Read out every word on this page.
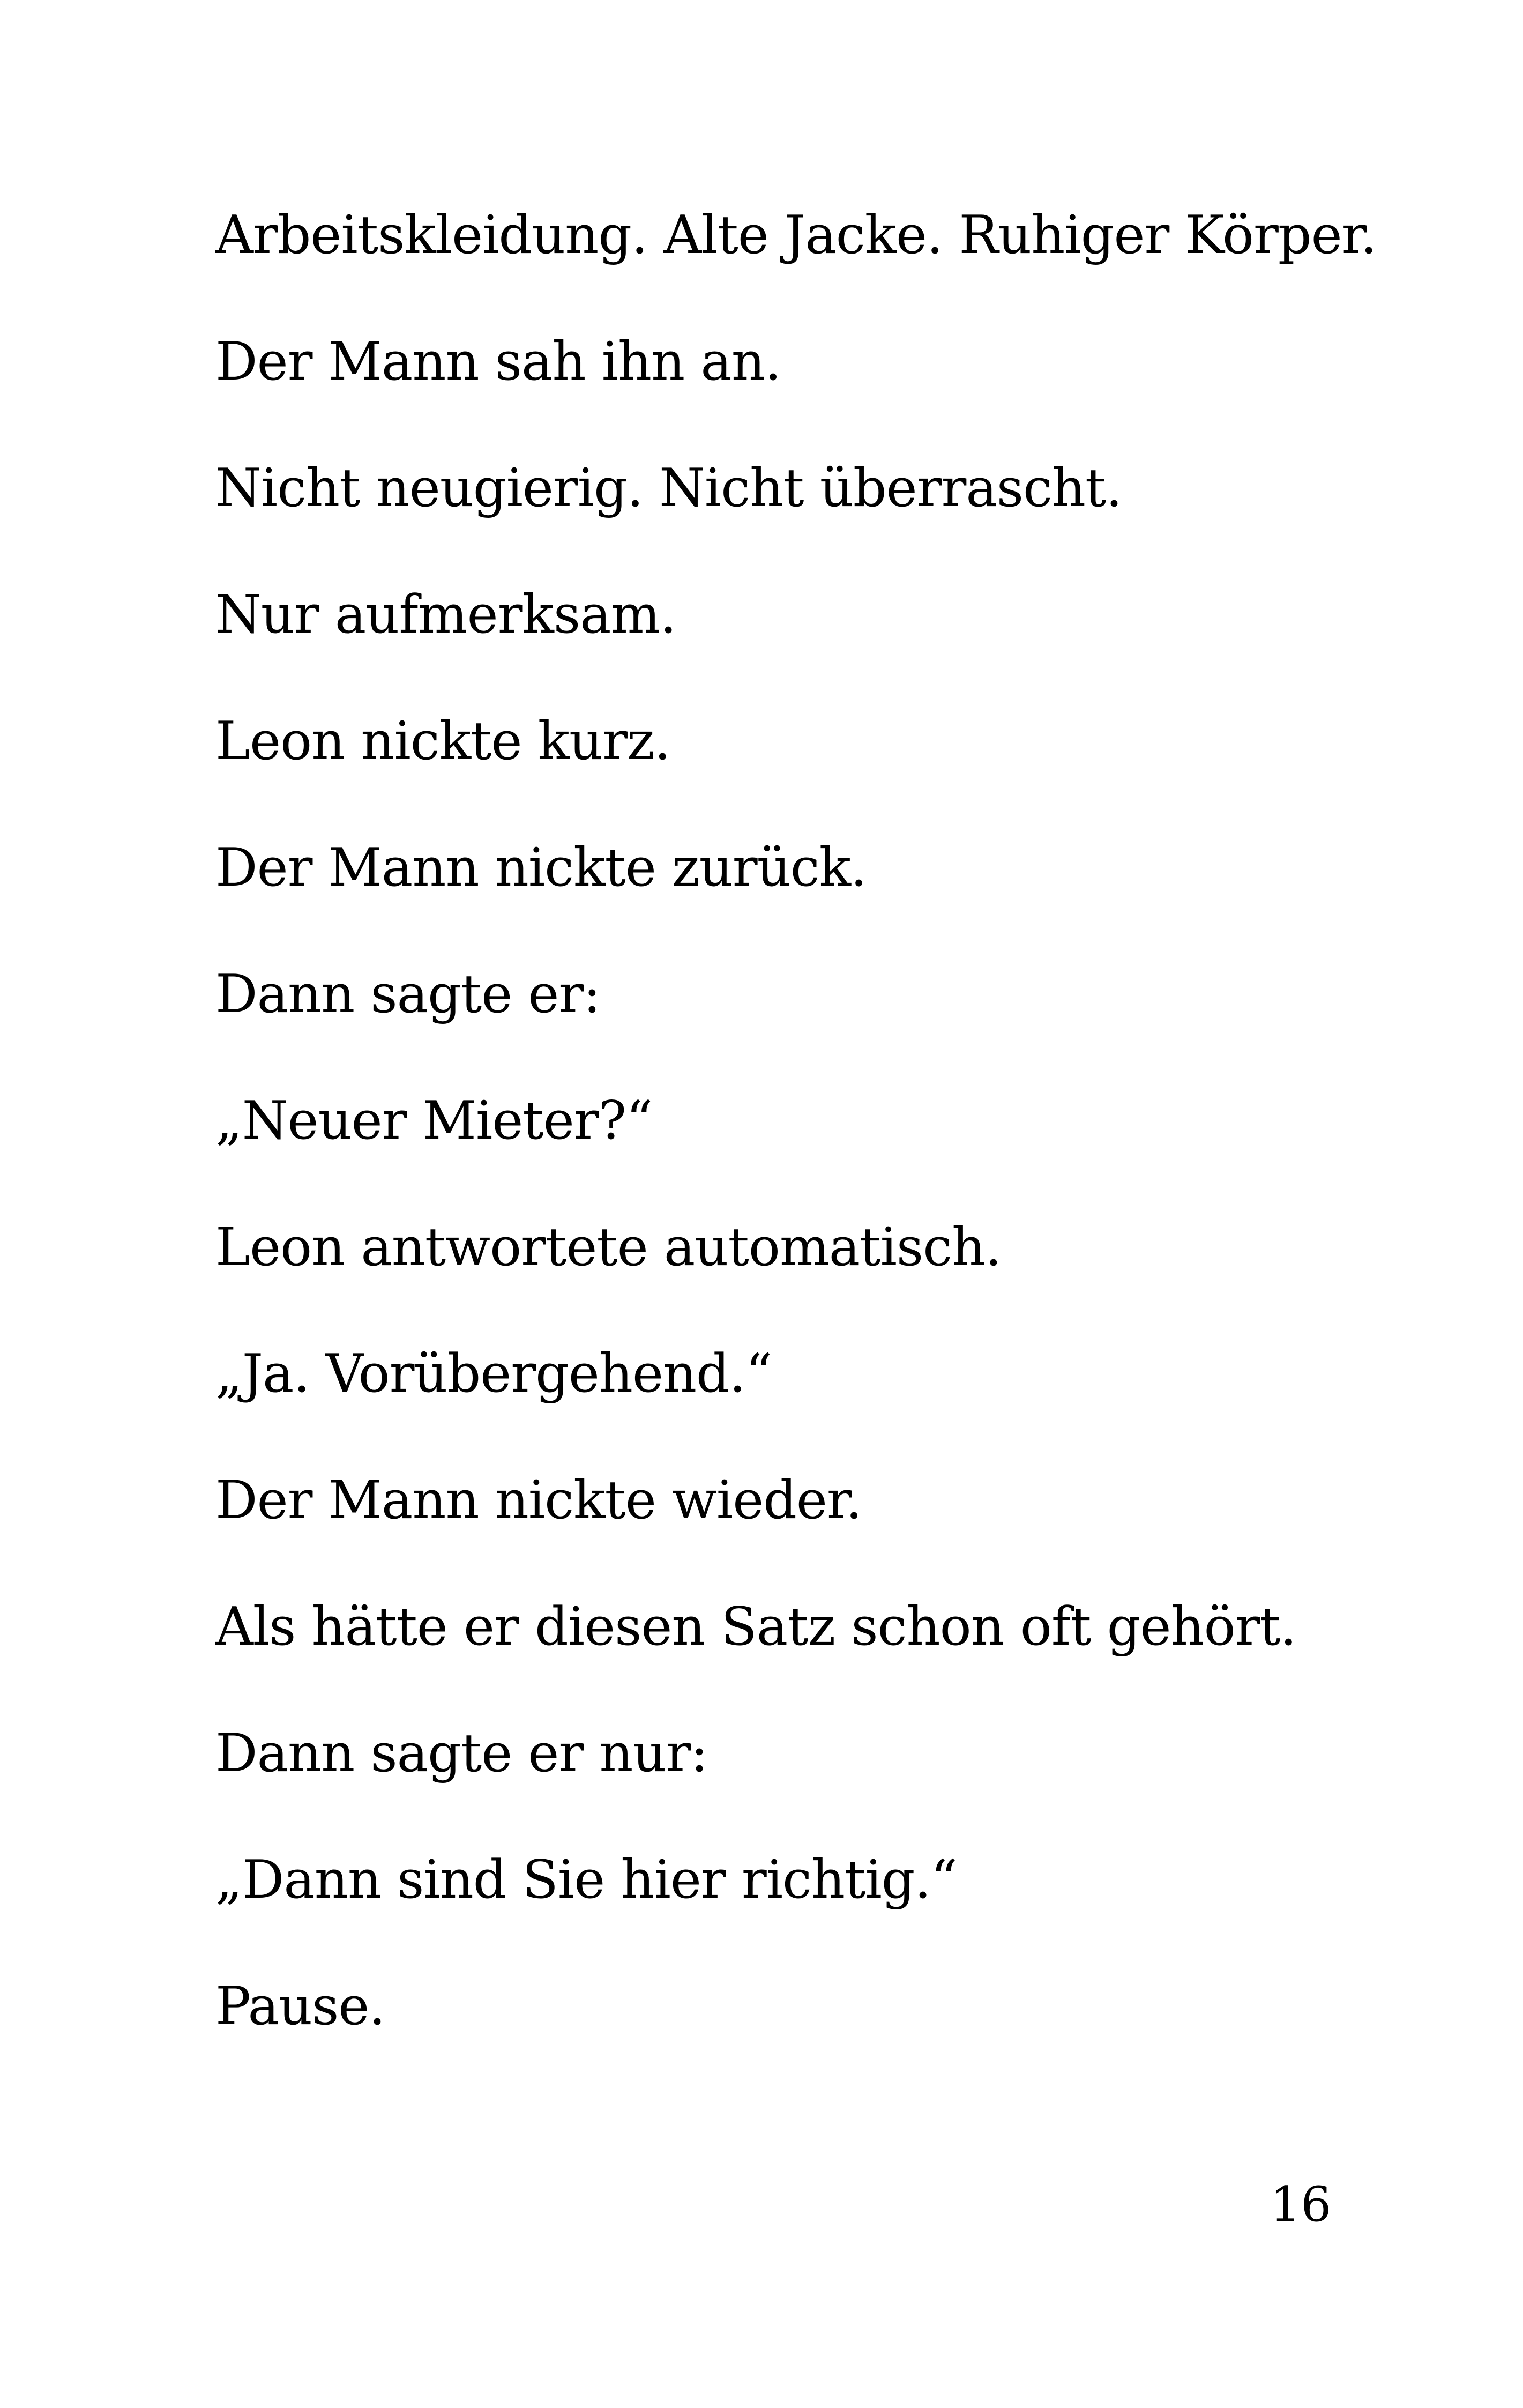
Arbeitskleidung. Alte Jacke. Ruhiger Körper.

Der Mann sah ihn an.

Nicht neugierig. Nicht überrascht.

Nur aufmerksam.

Leon nickte kurz.

Der Mann nickte zurück.

Dann sagte er:

„Neuer Mieter?“

Leon antwortete automatisch.

„Ja. Vorübergehend.“

Der Mann nickte wieder.

Als hätte er diesen Satz schon oft gehört.

Dann sagte er nur:

„Dann sind Sie hier richtig.“

Pause.

16
